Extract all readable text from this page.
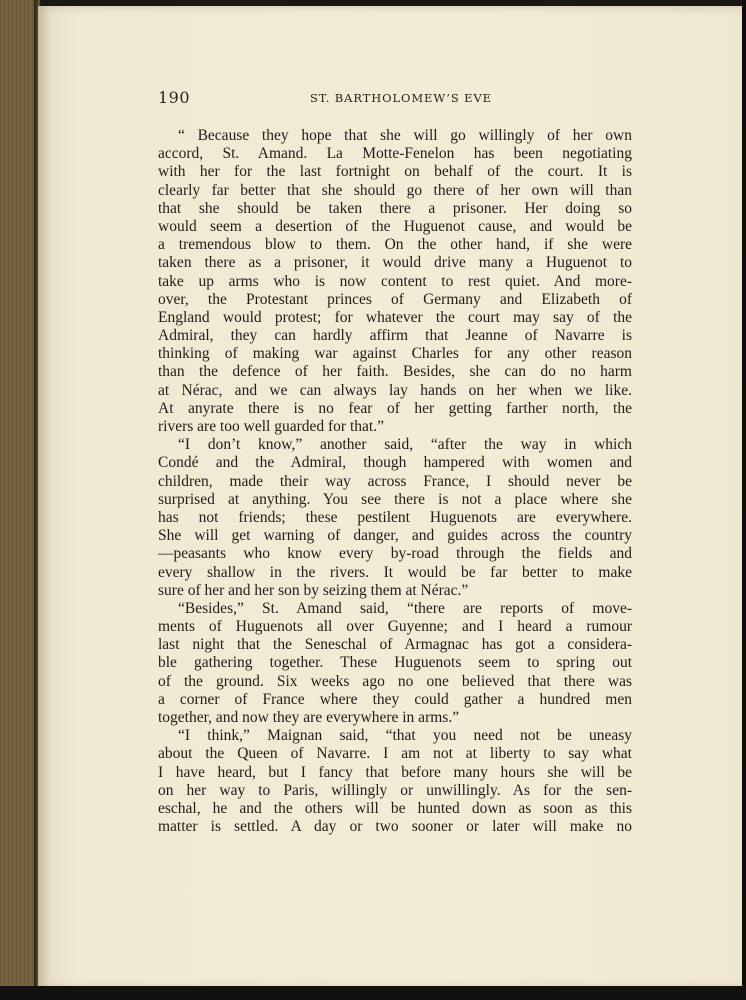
190	ST. BARTHOLOMEW’S EVE
“ Because they hope that she will go willingly of her own
accord, St. Amand. La Motte-Fenelon has been negotiating
with her for the last fortnight on behalf of the court. It is
clearly far better that she should go there of her own will than
that she should be taken there a prisoner. Her doing so
would seem a desertion of the Huguenot cause, and would be
a tremendous blow to them. On the other hand, if she were
taken there as a prisoner, it would drive many a Huguenot to
take up arms who is now content to rest quiet. And more-
over, the Protestant princes of Germany and Elizabeth of
England would protest; for whatever the court may say of the
Admiral, they can hardly affirm that Jeanne of Navarre is
thinking of making war against Charles for any other reason
than the defence of her faith. Besides, she can do no harm
at Nérac, and we can always lay hands on her when we like.
At anyrate there is no fear of her getting farther north, the
rivers are too well guarded for that.”
“I don’t know,” another said, “after the way in which
Condé and the Admiral, though hampered with women and
children, made their way across France, I should never be
surprised at anything. You see there is not a place where she
has not friends; these pestilent Huguenots are everywhere.
She will get warning of danger, and guides across the country
—peasants who know every by-road through the fields and
every shallow in the rivers. It would be far better to make
sure of her and her son by seizing them at Nérac.”
“Besides,” St. Amand said, “there are reports of move-
ments of Huguenots all over Guyenne; and I heard a rumour
last night that the Seneschal of Armagnac has got a considera-
ble gathering together. These Huguenots seem to spring out
of the ground. Six weeks ago no one believed that there was
a corner of France where they could gather a hundred men
together, and now they are everywhere in arms.”
“I think,” Maignan said, “that you need not be uneasy
about the Queen of Navarre. I am not at liberty to say what
I have heard, but I fancy that before many hours she will be
on her way to Paris, willingly or unwillingly. As for the sen-
eschal, he and the others will be hunted down as soon as this
matter is settled. A day or two sooner or later will make no
